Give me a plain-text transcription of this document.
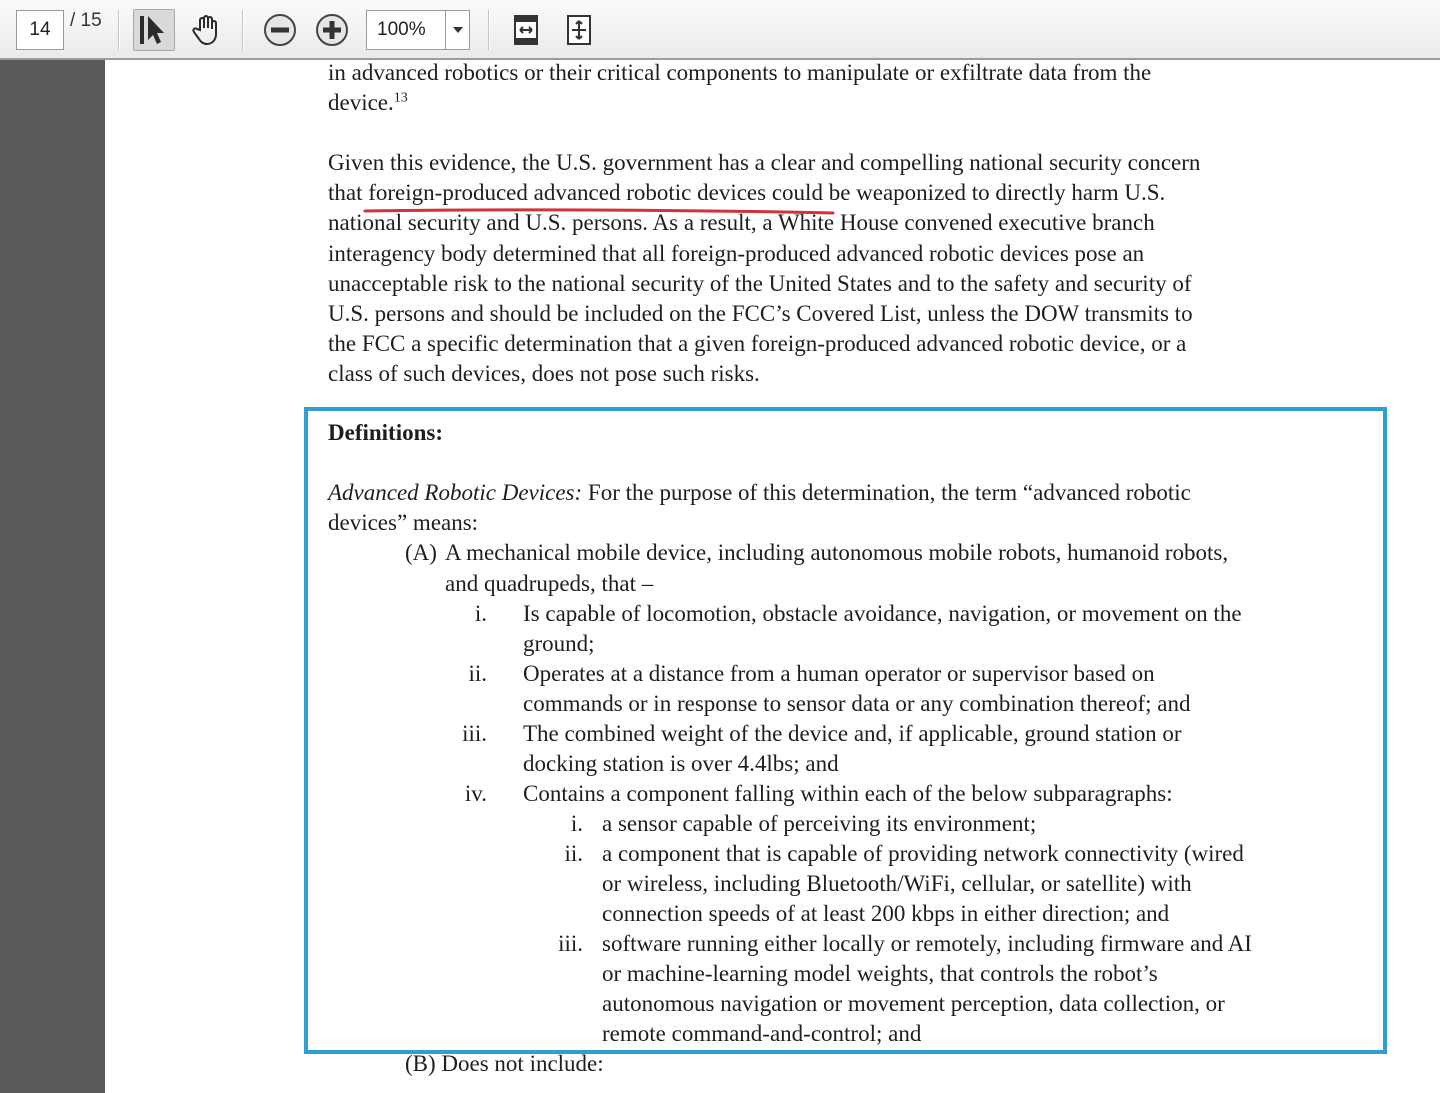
14
/ 15
100%
in advanced robotics or their critical components to manipulate or exfiltrate data from the
device.$^{13}$
Given this evidence, the U.S. government has a clear and compelling national security concern
that foreign-produced advanced robotic devices could be weaponized to directly harm U.S.
national security and U.S. persons. As a result, a White House convened executive branch
interagency body determined that all foreign-produced advanced robotic devices pose an
unacceptable risk to the national security of the United States and to the safety and security of
U.S. persons and should be included on the FCC’s Covered List, unless the DOW transmits to
the FCC a specific determination that a given foreign-produced advanced robotic device, or a
class of such devices, does not pose such risks.
Definitions:
Advanced Robotic Devices: For the purpose of this determination, the term “advanced robotic
devices” means:
(A) A mechanical mobile device, including autonomous mobile robots, humanoid robots,
and quadrupeds, that –
i. Is capable of locomotion, obstacle avoidance, navigation, or movement on the
ground;
ii. Operates at a distance from a human operator or supervisor based on
commands or in response to sensor data or any combination thereof; and
iii. The combined weight of the device and, if applicable, ground station or
docking station is over 4.4lbs; and
iv. Contains a component falling within each of the below subparagraphs:
i. a sensor capable of perceiving its environment;
ii. a component that is capable of providing network connectivity (wired
or wireless, including Bluetooth/WiFi, cellular, or satellite) with
connection speeds of at least 200 kbps in either direction; and
iii. software running either locally or remotely, including firmware and AI
or machine-learning model weights, that controls the robot’s
autonomous navigation or movement perception, data collection, or
remote command-and-control; and
(B) Does not include:
